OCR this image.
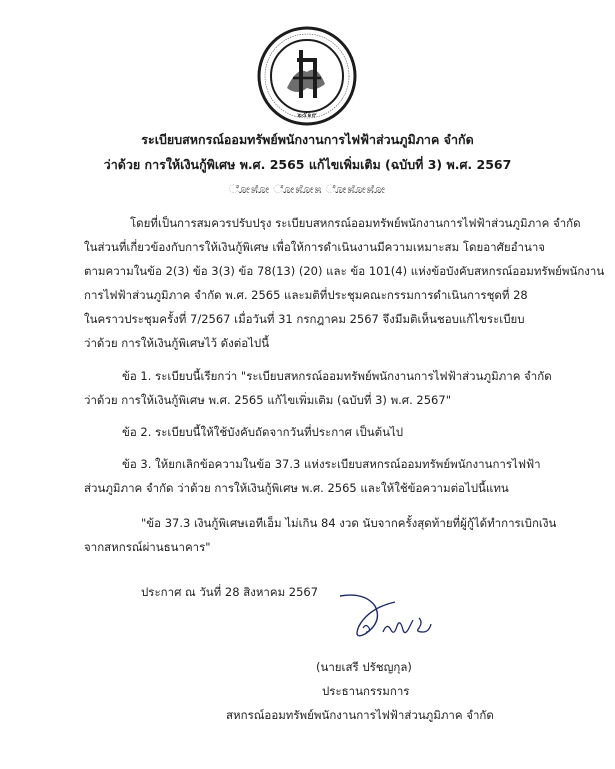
๒๕๑๙
ระเบียบสหกรณ์ออมทรัพย์พนักงานการไฟฟ้าส่วนภูมิภาค จำกัด
ว่าด้วย การให้เงินกู้พิเศษ พ.ศ. 2565 แก้ไขเพิ่มเติม (ฉบับที่ 3) พ.ศ. 2567
ೋ೫ೋ ೋ೫ೋ೫ ೋ೫ೋ೫ೋ
โดยที่เป็นการสมควรปรับปรุง ระเบียบสหกรณ์ออมทรัพย์พนักงานการไฟฟ้าส่วนภูมิภาค จำกัด
ในส่วนที่เกี่ยวข้องกับการให้เงินกู้พิเศษ เพื่อให้การดำเนินงานมีความเหมาะสม โดยอาศัยอำนาจ
ตามความในข้อ 2(3) ข้อ 3(3) ข้อ 78(13) (20) และ ข้อ 101(4) แห่งข้อบังคับสหกรณ์ออมทรัพย์พนักงาน
การไฟฟ้าส่วนภูมิภาค จำกัด พ.ศ. 2565 และมติที่ประชุมคณะกรรมการดำเนินการชุดที่ 28
ในคราวประชุมครั้งที่ 7/2567 เมื่อวันที่ 31 กรกฎาคม 2567 จึงมีมติเห็นชอบแก้ไขระเบียบ
ว่าด้วย การให้เงินกู้พิเศษไว้ ดังต่อไปนี้
ข้อ 1. ระเบียบนี้เรียกว่า "ระเบียบสหกรณ์ออมทรัพย์พนักงานการไฟฟ้าส่วนภูมิภาค จำกัด
ว่าด้วย การให้เงินกู้พิเศษ พ.ศ. 2565 แก้ไขเพิ่มเติม (ฉบับที่ 3) พ.ศ. 2567"
ข้อ 2. ระเบียบนี้ให้ใช้บังคับถัดจากวันที่ประกาศ เป็นต้นไป
ข้อ 3. ให้ยกเลิกข้อความในข้อ 37.3 แห่งระเบียบสหกรณ์ออมทรัพย์พนักงานการไฟฟ้า
ส่วนภูมิภาค จำกัด ว่าด้วย การให้เงินกู้พิเศษ พ.ศ. 2565 และให้ใช้ข้อความต่อไปนี้แทน
"ข้อ 37.3 เงินกู้พิเศษเอทีเอ็ม ไม่เกิน 84 งวด นับจากครั้งสุดท้ายที่ผู้กู้ได้ทำการเบิกเงิน
จากสหกรณ์ผ่านธนาคาร"
ประกาศ ณ วันที่ 28 สิงหาคม 2567
(นายเสรี ปรัชญกุล)
ประธานกรรมการ
สหกรณ์ออมทรัพย์พนักงานการไฟฟ้าส่วนภูมิภาค จำกัด
